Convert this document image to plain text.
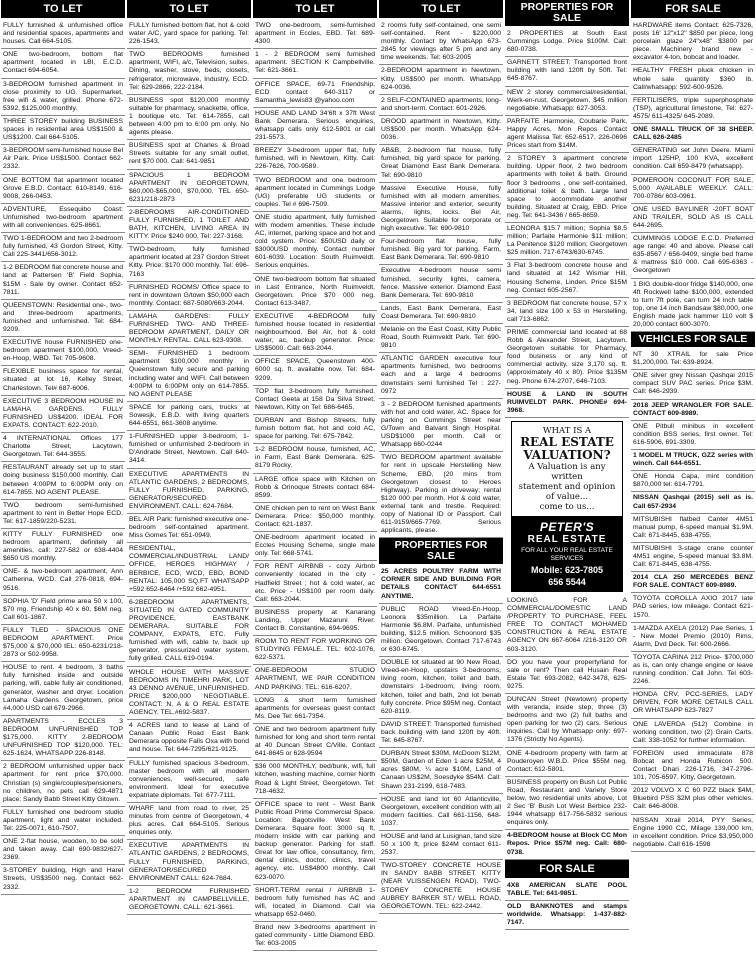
TO LET
FULLY furnished & unfurnished office and residential spaces, apartments and houses. Call 664-5105.
ONE two-bedroom, bottom flat apartment located in LBI, E.C.D. Contact 694-6054.
3-BEDROOM furnished apartment in close proximity to UG. Supermarket, free wifi & water, grilled. Phone 672-5392, $125,000 monthly.
THREE STOREY building BUSINESS spaces in residential area US$1500 & US$1200. Call 664-5105.
3-BEDROOM semi-furnished house Bel Air Park. Price US$1500. Contact 662-2332.
ONE BOTTOM flat apartment located Grove E.B.D. Contact: 610-8149, 616-9008, 266-0453.
ADVENTURE, Essequibo Coast: Unfurnished two-bedroom apartment with all conveniences. 625-8661.
TWO 1-BEDROOM and two 2-bedroom fully furnished, 43 Gordon Street, Kitty. Call 225-3441/656-3012.
1-2 BEDROOM flat concrete house and land at Pattersen 'B' Field Sophia, $15M - Sale by owner. Contact 652-7811.
QUEENSTOWN: Residential one-, two- and three-bedroom apartments, furnished and unfurnished. Tel: 684-9209.
EXECUTIVE house FURNISHED one-bedroom apartment $100,000, Vreed-en-Hoop, WBD. Tel: 705-9608.
FLEXIBLE business space for rental, situated at lot 16, Kelley Street, Charlestown. Tel# 687-6006.
EXECUTIVE 3 BEDROOM HOUSE IN LAMAHA GARDENS. FULLY FURNISHED US$4200. IDEAL FOR EXPATS. CONTACT: 622-2010.
4 INTERNATIONAL Offices 177 Charlotte Street, Lacytown, Georgetown. Tel: 644-3555.
RESTAURANT already set up to start doing business $150,000 monthly. Call between 4:00PM to 6:00PM only on 614-7855. NO AGENT PLEASE.
TWO bedroom semi-furnished apartment to rent in Better Hope ECD. Tel: 617-1859/220-5231.
KITTY FULLY FURNISHED one bedroom apartment, definitely all amenities, call: 227-582 or 638-4404 $650 US monthly.
ONE- & two-bedroom apartment, Ann Catherina, WCD. Call 276-0818, 694-9516.
SOPHIA 'D' Field prime area 50 x 100, $70 mg. Friendship 40 x 60, $6M neg. Call 601-1867.
FULLY TLED - SPACIOUS ONE BEDROOM APARTMENT. Price $75,000 & $70,000 tEL: 650-6231/218-2873 or 502-9958.
HOUSE to rent. 4 bedroom, 3 baths fully furnished inside and outside parking, wifi, cable fully air conditioned, generator, washer and dryer. Location Lamaha Gardens Georgetown, price #4,000 USD call 679-2966.
APARTMENTS - ECCLES 3 BEDROOM UNFURNISHED TOP $175,000. KITTY 2-BEDROOM UNFURNISHED TOP $120,000. TEL: 625-1624, WHATSAPP 226-8148.
2 BEDROOM unfurnished upper back apartment for rent price $70,000. Christian (s) single/couples/pensioners, no children, no pets call 629-4871 place: Sandy Babb Street Kitty Gitown.
FULLY furnished one bedroom studio apartment, light and water included. Tel: 225-0071, 610-7507.
ONE 2-flat house, wooden, to be sold and taken away. Call 690-9832/627-2369.
3-STOREY building, High and Harel Streets, US$3500 neg. Contact 662-2332.
TO LET
FULLY furnished bottom flat, hot & cold water A/C, yard space for parking. Tel: 226-1543.
TWO BEDROOMS furnished apartment, WIFI, a/c, Television, suites, Dining, washer, stove, beds, closets, refrigerator, microwave, Industry, ECD. Tel: 629-2866, 222-2184.
BUSINESS spot $120,000 monthly suitable for pharmacy, snackette, office, 1 boutique etc. Tel: 614-7855, call between 4:00 pm to 6:00 pm only. No agents please.
BUSINESS spot at Charles & Broad Streets suitable for any small outlet, rent $70 000. Call: 641-9851
SPACIOUS 1 BEDROOM APARTMENT IN GEORGETOWN, $60,000-$65,000, $70,000. TEL 650-6231/218-2873
2-BEDROOMS AIR-CONDITIONED FULLY FURNISHED, 1 TOILET AND BATH, KITCHEN, LIVING AREA IN KITTY. Price $240 000. Tel: 227-3168.
TWO-bedroom, fully furnished apartment located at 237 Gordon Street Kitty. Price: $170 000 monthly. Tel: 696-7163
FURNISHED ROOMS/ Office space to rent in downtown G/town $50,000 each monthly. Contact: 687-5080/663-2044.
LAMAHA GARDENS: FULLY FURNISHED TWO- AND THREE-BEDROOM APARTMENT, DAILY OR MONTHLY RENTAL. CALL 623-9308.
SEMI- FURNISHED 1 bedroom apartment $100,000 monthly in Queenstown fully secure and parking including water and WIFI. Call between 4:00PM to 6:00PM only on 614-7855. NO AGENT PLEASE
SPACE for parking cars, trucks at Sowesjk, E.B.D. with living quarters 644-6551, 661-3608 anytime.
1-FURNISHED upper 3-bedroom, 1-furnished or unfurnished 2-bedroom in D'Andrade Street, Newtown. Call 640-3414.
EXECUTIVE APARTMENTS IN ATLANTIC GARDENS, 2 BEDROOMS, FULLY FURNISHED, PARKING, GENERATOR/SECURED ENVIRONMENT. CALL: 624-7684.
BEL AIR Park: furnished executive one-bedroom self-contained apartment. Miss Gomes Tel: 651-0949.
RESIDENTIAL, COMMERCIAL/INDUSTRIAL LAND/ OFFICE, HEROES HIGHWAY / BERBICE, ECD, WCD, EBD, BOND RENTAL: 105,000 SQ.FT WHATSAPP +592 652-6464 /+592 662-4951.
6-2BEDROOM APARTMENTS, SITUATED IN GATED COMMUNITY PROVIDENCE, EASTBANK DEMERARA. SUITABLE FOR COMPANY, EXPATS, ETC. Fully furnished with wifi, cable tv, back up generator, pressurized water system, fully grilled. CALL 619-0194.
WHOLE HOUSE WITH MASSIVE BEDROOMS IN TIMEHRI PARK, LOT 43 DENNO AVENUE, UNFURNISHED. PRICE $200,000 NEGOTIABLE. CONTACT: N, A & O REAL ESTATE AGENCY. TEL.#692-5837.
4 ACRES land to lease at Land of Canaan Public Road East Bank Demerara opposite Falls Oxa with bond and house. Tel: 644-7295/621-9125.
FULLY furnished spacious 3-bedroom, master bedroom with all modern conveniences, well-secured, safe environment. Ideal for executive expatriate diplomats. Tel: 677-7111.
WHARF land from road to river, 25 minutes from centre of Georgetown, 4 plus acres. Call 664-5105. Serious enquiries only.
EXECUTIVE APARTMENTS IN ATLANTIC GARDENS, 2 BEDROOMS, FULLY FURNISHED, PARKING, GENERATOR/SECURED ENVIRONMENT CALL: 624-7684.
1-2 BEDROOM FURNISHED APARTMENT IN CAMPBELLVILLE, GEORGETOWN. CALL: 621-3661.
TO LET
TWO one-bedroom, semi-furnished apartment in Eccles, EBD. Tel: 689-4300
1 - 2 BEDROOM semi furnished apartment. SECTION K Campbellville. Tel: 621-3661.
OFFICE SPACE, 69-71 Friendship, ECD contact 640-3117 or Samantha_lewis83 @yahoo.com
HOUSE AND LAND 34'6ft x 37ft West Bank Demerara. Serious enquiries, whatsapp calls only 612-5801 or call 231-5573.
BREEZY 3-bedroom upper flat, fully furnished, wifi in Newtown, Kitty. Call: 226-7626, 700-9589.
TWO BEDROOM and one bedroom apartment located in Cummings Lodge (UG) preferable UG students or couples. Tel # 696-7509.
ONE studio apartment, fully furnished with modern amenities. These include AC, internet, parking space and hot and cold system. Price: $50USD daily or $3000USD monthly. Contact number 601-6039. Location: South Ruimveldt. Serious enquiries.
ONE two-bedroom bottom flat situated in Last Entrance, North Ruimveldt, Georgetown. Price $70 000 neg. Contact 613-3487.
EXECUTIVE 4-BEDROOM fully furnished house located in residential neighbourhood. Bel Air, hot & cold water, ac, backup generator. Price: US$5000. Call: 663-2044.
OFFICE SPACE, Queenstown 400-6000 sq. ft. available now. Tel: 684-9209.
TOP flat 3-bedroom fully furnished. Contact Geeta at 158 Da Silva Street, Newtown, Kitty on Tel: 686-6465.
DURBAN and Bishop Streets, fully furnish bottom flat, hot and cold AC, space for parking. Tel: 675-7842.
1-2 BEDROOM house, furnished, AC, in Farm, East Bank Demerara. 625-8179 Rocky.
LARGE office space with Kitchen on Robb & Orinoque Streets contact 684-8599.
ONE chicken pen to rent on West Bank Demerara. Price: $50,000 monthly. Contact: 621-1837.
ONE-bedroom apartment located in Eccles Housing Scheme, single male only. Tel: 668-5741.
FOR RENT AIRBNB - cozy Airbnb conveniently located in the city - Hadfield Street ; hot & cold water, ac etc. Price - US$100 per room daily. Call: 663-2044.
BUSINESS property at Kanarang Landing, Upper Mazaruni River. Contact B. Constantine, 694-9695.
ROOM TO RENT FOR WORKING OR STUDYING FEMALE. TEL: 602-1076, 622-5371.
ONE-BEDROOM STUDIO APARTMENT, WE PAIR CONDITION AND PARKING. TEL: 616-6207.
LONG & short term furnished apartments for overseas guest contact Ms. Dee Tel: 661-7354.
ONE and two bedroom apartment fully furnished for long and short term rental at 40 Duncan Street C/Ville. Contact 641-8645 or 628-9594
$36 000 MONTHLY, bed/bunk, wifi, full kitchen, washing machine, corner North Road & Light Street, Georgetown. Tel: 718-4632.
OFFICE space to rent - West Bank Public Road Prime Commercial Space. Location: Bagotsville West Bank Demerara. Square foot: 3000 sq ft, modern inside with car parking and backup generator. Parking for staff. Great for law office, consultancy, firm, dental clinics, doctor, clinics, travel agency, etc. US$4800 monthly. Call 623-0070.
SHORT-TERM rental / AIRBNB 1-bedroom fully furnished has AC and wifi, located in Diamond. Call via whatsapp 652-0460.
Brand new 3-bedrooms apartment in gated community - Little Diamond EBD. Tel: 603-2005
TO LET
2 rooms fully self-contained, one semi self-contained. Rent - $220,000 monthly. Contact by WhatsApp 673-2845 for viewings after 5 pm and any time weekends. Tel: 603-2005
2-BEDROOM apartment in Newtown, Kitty. US$500 per month. WhatsApp 624-0036.
2 SELF-CONTAINED apartments, long- and short-term. Contact: 601-2926.
DROOD apartment in Newtown, Kitty. US$500 per month. WhatsApp 624-0036.
AB&B, 2-bedroom flat house, fully furnished, big yard space for parking. Great Diamond East Bank Demerara. Tel: 690-9810
Massive Executive House, fully furnished with all modern amenities. Massive interior and exterior, security alarms, lights, locks. Bel Air, Georgetown. Suitable for corporate or high executive. Tel: 690-9810
Four-bedroom flat house, fully furnished. Big yard for parking. Farm, East Bank Demerara. Tel: 690-9810
Executive 4-bedroom house semi furnished, security lights, camera, fence. Massive exterior. Diamond East Bank Demerara. Tel: 690-9810
Lands, East Bank Demerara, East Coast Demerara. Tel: 690-9810
Melanie on the East Coast, Kitty Public Road, South Ruimveldt Park. Tel: 690-9810
ATLANTIC GARDEN executive four apartments furnished, two bedrooms each and a large 4 bedrooms downstairs semi furnished Tel : 227-0972
3 - 2 BEDROOM furnished apartments with hot and cold water, AC. Space for parking on Cummings Street near G/Town and Balvant Singh Hospital. USD$1000 per month. Call or Whatsapp 660-0244
TWO BEDROOM apartment available for rent in upscale Herstelling New Scheme, EBD, (20 mins from Georgetown closest to Heroes Highway). Parking in driveway; rental $120 000 per month. Hot & cold water, external tank and trestle. Required: copy of National ID or Passport. Call 611-9159/665-7769. Serious applicants, please.
PROPERTIES FOR SALE
25 ACRES POULTRY FARM WITH CORNER SIDE AND BUILDING FOR DETAILS CONTACT 644-6551 ANYTIME.
PUBLIC ROAD Vreed-En-Hoop, Leonora $35million. La Parfaite Harmonie $6.8M. Parfaite, unfurnished building, $12.5 million. Schoonord $35 million. Georgetown. Contact 717-6743 or 630-6745.
DOUBLE lot situated at 90 New Road, Vreed-en-Hoop, upstairs 3-bedrooms, living room, kitchen, toilet and bath, downstairs 1-bedroom, living room, kitchen, toilet and bath, 2nd lot benab fully concrete. Price $95M neg. Contact 620-8119.
DAVID STREET: Transported furnished back building with land 120ft by 40ft. Tel: 645-8767.
DURBAN Street $30M, McDoom $12M, $50M, Garden of Eden 1 acre $25M, 4 acres $80M, ¼ acre $10M, Land of Canaan US$2M, Soesdyke $54M. Call: Shawn 231-2199, 618-7483.
HOUSE and land lot 60 Atlanticville, Georgetown, excellent condition with all modern facilities. Call 661-1156, 648-1037.
HOUSE and land at Lusignan, land size 50 x 100 ft, price $24M contact 611-2537.
TWO-STOREY CONCRETE HOUSE IN SANDY BABB STREET KITTY (NEAR VLISSENGEN ROAD). TWO-STOREY CONCRETE HOUSE AUBREY BARKER ST./ WELL ROAD, GEORGETOWN. TEL: 622-2442.
PROPERTIES FOR SALE
2 PROPERTIES at South East Cummings Lodge. Price $100M. Call: 680-0738.
GARNETT STREET: Transported front building with land 120ft by 50ft. Tel: 645-8767.
NEW 2 storey commercial/residential, Werk-en-rust, Georgetown, $45 million negotiable. Whatsapp: 627-3053.
PARFAITE Harmonie, Coubarie Park, Happy Acres, Mon Repos Contact agent Malissa Tel: 652-6517, 226-0696 Prices start from $14M.
2 STOREY 3 apartment concrete building. Upper floor, 2 two bedroom apartments with toilet & bath. Ground floor 3 bedrooms , one self-contained, additional toilet & bath. Large land space to accommodate another building. Situated at Craig, EBD. Price neg. Tel: 641-3436 / 665-8659.
LEONORA $15.7 million; Sophia $8.5 million; Parfaite Harmonie $11 million; La Penitence $120 million; Georgetown $25 million. 717-6743/630-6745.
3 Flat 3-bedroom concrete house and land situated at 142 Wismar Hill, Housing Scheme, Linden. Price $15M neg. Contact 605-2567.
3 BEDROOM flat concrete house, 57 x 34, land size 100 x 53 in Herstelling, call 713-6862.
PRIME commercial land located at 68 Robb & Alexander Street, Lacytown, Georgetown suitable for Pharmacy, food business or any kind of commercial activity, size 3,170 sq. ft. (approximately 40 x 80). Price $135M neg. Phone 674-2707, 646-7103.
HOUSE & LAND IN SOUTH RUIMVELDT PARK. PHONE# 694-3968.
WHAT IS A
REAL ESTATE
VALUATION?
A Valuation is any written
statement and opinion
of value...
come to us...
PETER'S
REAL ESTATE
FOR ALL YOUR REAL ESTATE SERVICES
Mobile: 623-7805
656 5544
LOOKING FOR A COMMERCIAL/DOMESTIC LAND /PROPERTY TO PURCHASE, FEEL FREE TO CONTACT MOHAMED CONSTRUCTION & REAL ESTATE AGENCY ON 667-6064 /216-3120 OR 603-3120.
DO you have your property/land for sale or rent? Then call Husain Real Estate Tel: 693-2082, 642-3478, 625-9275.
DUNCAN Street (Newtown) property with veranda, inside step, three (3) bedrooms and two (2) full baths and open parking for two (2) cars. Serious inquiries. Call by Whatsapp only: 697-1376 (Strictly No Agents).
ONE 4-bedroom property with farm at Pouderoyen W.B.D. Price $55M neg. Contact: 612-5801.
BUSINESS property on Bush Lot Public Road, Restaurant and Variety Store below, two residential units above, Lot 2 Sec 'B' Bush Lot West Berbice 232-1944 whatsapp 617-756-5832 serious enquires only.
4-BEDROOM house at Block CC Mon Repos. Price $57M neg. Call: 680-0738.
FOR SALE
4X8 AMERICAN SLATE POOL TABLE. Tel: 641-9851.
OLD BANKNOTES and stamps worldwide. Whatsapp: 1-437-882-7147.
FOR SALE
HARDWARE items Contact: 625-7326, posts 16' 12"x12" $850 per piece, long porcelain glaze 24"x48" $3800 per piece. Machinery brand new - excavator 4-ton, bobcat and loader.
HEALTHY FRESH pluck chicken in whole sale quantity $360 lb. Call/whatsapp: 592-600-9526.
FERTILISERS, triple superphosphate (TSP), agricultural limestone, Tel: 627-4575/ 611-4325/ 645-2089.
ONE SMALL TRUCK OF 38 SHEEP. CALL 626-2485
GENERATING set John Deere. Miami import 125HP, 100 KVA, excellent condition. Call 659-8479 (whatsapp).
POMEROON COCONUT FOR SALE, 5,000 AVAILABLE WEEKLY. CALL: 700-0786/ 603-0961.
ONE USED BAYLINER -20FT BOAT AND TRAILER, SOLD AS IS CALL 644-2695.
CUMMINGS LODGE E.C.D. Preferred age range: 40 and above. Please call 635-8567 / 656-9409, single bed frame & mattress $10 000. Call 695-6363 - Georgetown
1 BIG double-door fridge $140,000, one 4ft Rockwell lathe $100,000, extended to turn 7ft pole, can turn 24 inch table top, one 14 inch Bandsaw $80,000, one English made jack hammer 110 volt $ 20,000 contact 600-3070.
VEHICLES FOR SALE
NT 30 XTRAIL for sale Price $1,200,000. Tel: 639-8924.
ONE silver grey Nissan Qashqai 2015 compact SUV PAC series. Price $3M. Call: 646-2939.
2018 JEEP WRANGLER FOR SALE. CONTACT 609-8989.
ONE Pitbull minibus in excellent condition BSS series, first owner. Tel: 616-5906, 691-3309.
1 MODEL M TRUCK, GZZ series with winch. Call 644-6551.
ONE Honda Capa, mint condition $870,000 tel: 614-7791.
NISSAN Qashqai (2015) sell as is. Call 657-2934
MITSUBISHI flatbed Canter 4M51 manual pump, 6-speed manual $1.9M. Call: 671-8445, 638-4755.
MITSUBISHI 3-stage crane counter 4M51 engine, 5-speed manual $3.8M. Call: 671-8445, 638-4755.
2014 CLA 250 MERCEDES BENZ FOR SALE. CONTACT 609-8989.
TOYOTA COROLLA AXIO 2017 late PAD series, low mileage. Contact 621-1570.
1-MAZDA AXELA (2012) Pae Series, 1 - New Model Premio (2010) Rims, Alarm, Dvd Deck. Tel: 600-2666.
TOYOTA CARINA 212 Price- $700,000 as is, can only change engine or leave running condition. Call John. Tel 603-2246.
HONDA CRV, PCC-SERIES, LADY DRIVEN, FOR MORE DETAILS CALL OR WHATSAPP 623-7827
ONE LAVERDA (512) Combine in working condition, two (2) Grain Carts. Call: 338-1052 for further information.
FOREIGN used immaculate 878 Bobcat and Honda Rubicon 500. Contact Dhari 226-1716, 347-2796-101, 705-6597. Kitty, Georgetown.
2012 VOLVO X C 60 PZZ black $4M, Bluebird PSS $2M plus other vehicles. Call: 646-8008.
NISSAN Xtrail 2014, PYY Series, Engine 1990 CC, Milage 139,000 km, in excellent condition. Price $3,950,000 negotiable. Call 616-1598
